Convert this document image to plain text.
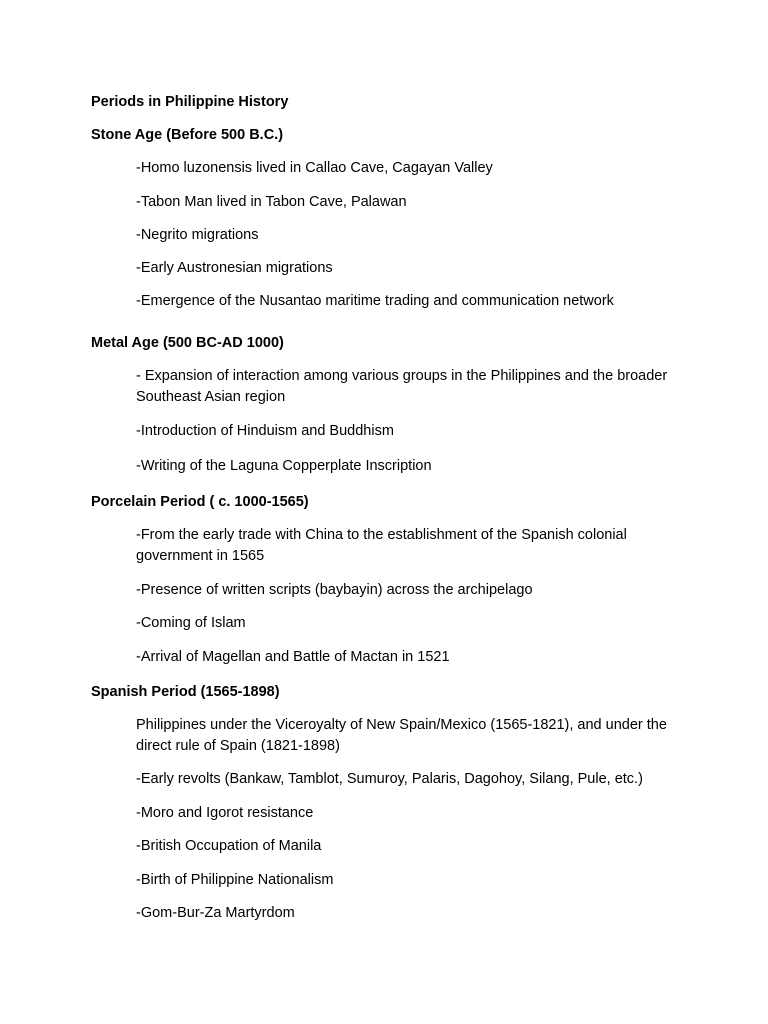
Periods in Philippine History
Stone Age (Before 500 B.C.)
-Homo luzonensis lived in Callao Cave, Cagayan Valley
-Tabon Man lived in Tabon Cave, Palawan
-Negrito migrations
-Early Austronesian migrations
-Emergence of the Nusantao maritime trading and communication network
Metal Age (500 BC-AD 1000)
- Expansion of interaction among various groups in the Philippines and the broader Southeast Asian region
-Introduction of Hinduism and Buddhism
-Writing of the Laguna Copperplate Inscription
Porcelain Period ( c. 1000-1565)
-From the early trade with China to the establishment of the Spanish colonial government in 1565
-Presence of written scripts (baybayin) across the archipelago
-Coming of Islam
-Arrival of Magellan and Battle of Mactan in 1521
Spanish Period (1565-1898)
Philippines under the Viceroyalty of New Spain/Mexico (1565-1821), and under the direct rule of Spain (1821-1898)
-Early revolts (Bankaw, Tamblot, Sumuroy, Palaris, Dagohoy, Silang, Pule, etc.)
-Moro and Igorot resistance
-British Occupation of Manila
-Birth of Philippine Nationalism
-Gom-Bur-Za Martyrdom
